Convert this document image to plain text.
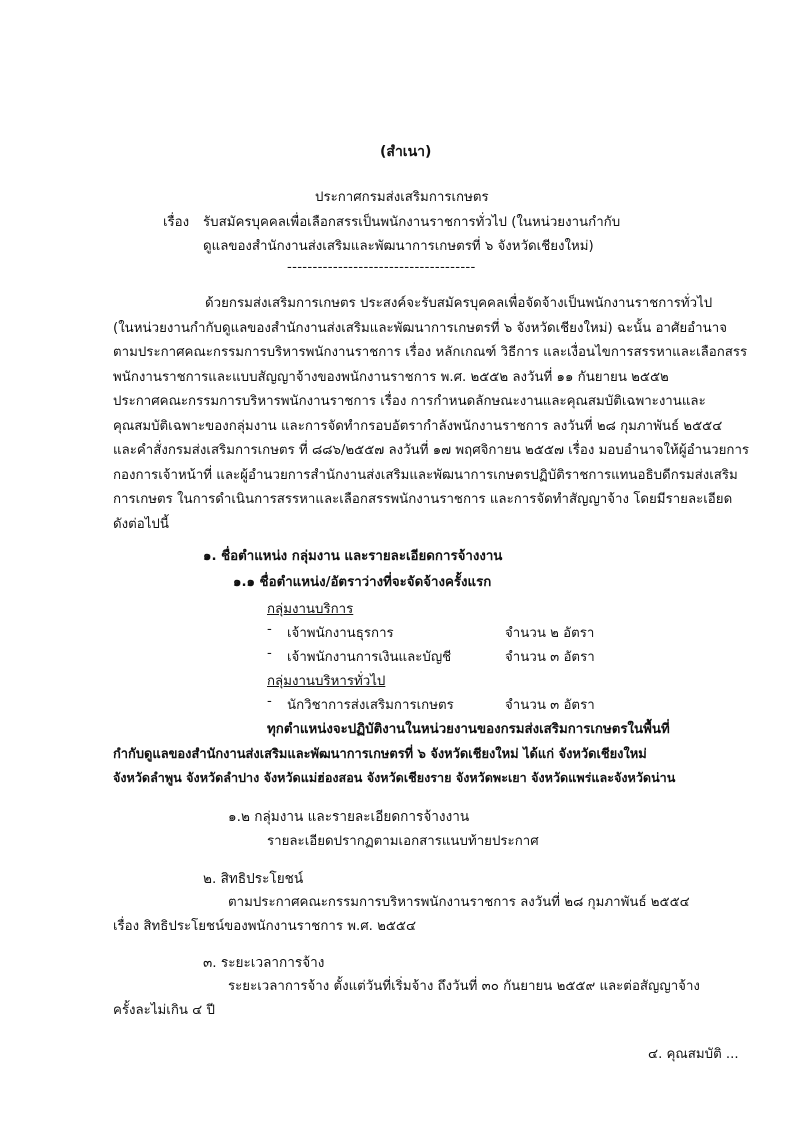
(สำเนา)
ประกาศกรมส่งเสริมการเกษตร
เรื่อง รับสมัครบุคคลเพื่อเลือกสรรเป็นพนักงานราชการทั่วไป (ในหน่วยงานกำกับ
ดูแลของสำนักงานส่งเสริมและพัฒนาการเกษตรที่ ๖ จังหวัดเชียงใหม่)
-------------------------------------

ด้วยกรมส่งเสริมการเกษตร ประสงค์จะรับสมัครบุคคลเพื่อจัดจ้างเป็นพนักงานราชการทั่วไป

(ในหน่วยงานกำกับดูแลของสำนักงานส่งเสริมและพัฒนาการเกษตรที่ ๖ จังหวัดเชียงใหม่) ฉะนั้น อาศัยอำนาจ

ตามประกาศคณะกรรมการบริหารพนักงานราชการ เรื่อง หลักเกณฑ์ วิธีการ และเงื่อนไขการสรรหาและเลือกสรร

พนักงานราชการและแบบสัญญาจ้างของพนักงานราชการ พ.ศ. ๒๕๕๒ ลงวันที่ ๑๑ กันยายน ๒๕๕๒

ประกาศคณะกรรมการบริหารพนักงานราชการ เรื่อง การกำหนดลักษณะงานและคุณสมบัติเฉพาะงานและ

คุณสมบัติเฉพาะของกลุ่มงาน และการจัดทำกรอบอัตรากำลังพนักงานราชการ ลงวันที่ ๒๘ กุมภาพันธ์ ๒๕๕๔

และคำสั่งกรมส่งเสริมการเกษตร ที่ ๘๘๖/๒๕๕๗ ลงวันที่ ๑๗ พฤศจิกายน ๒๕๕๗ เรื่อง มอบอำนาจให้ผู้อำนวยการ

กองการเจ้าหน้าที่ และผู้อำนวยการสำนักงานส่งเสริมและพัฒนาการเกษตรปฏิบัติราชการแทนอธิบดีกรมส่งเสริม

การเกษตร ในการดำเนินการสรรหาและเลือกสรรพนักงานราชการ และการจัดทำสัญญาจ้าง โดยมีรายละเอียด

ดังต่อไปนี้

๑. ชื่อตำแหน่ง กลุ่มงาน และรายละเอียดการจ้างงาน
๑.๑ ชื่อตำแหน่ง/อัตราว่างที่จะจัดจ้างครั้งแรก
กลุ่มงานบริการ
- เจ้าพนักงานธุรการ	จำนวน ๒ อัตรา
- เจ้าพนักงานการเงินและบัญชี	จำนวน ๓ อัตรา
กลุ่มงานบริหารทั่วไป
- นักวิชาการส่งเสริมการเกษตร	จำนวน ๓ อัตรา
ทุกตำแหน่งจะปฏิบัติงานในหน่วยงานของกรมส่งเสริมการเกษตรในพื้นที่
กำกับดูแลของสำนักงานส่งเสริมและพัฒนาการเกษตรที่ ๖ จังหวัดเชียงใหม่ ได้แก่ จังหวัดเชียงใหม่
จังหวัดลำพูน จังหวัดลำปาง จังหวัดแม่ฮ่องสอน จังหวัดเชียงราย จังหวัดพะเยา จังหวัดแพร่และจังหวัดน่าน
๑.๒ กลุ่มงาน และรายละเอียดการจ้างงาน
รายละเอียดปรากฏตามเอกสารแนบท้ายประกาศ
๒. สิทธิประโยชน์
ตามประกาศคณะกรรมการบริหารพนักงานราชการ ลงวันที่ ๒๘ กุมภาพันธ์ ๒๕๕๔
เรื่อง สิทธิประโยชน์ของพนักงานราชการ พ.ศ. ๒๕๕๔
๓. ระยะเวลาการจ้าง
ระยะเวลาการจ้าง ตั้งแต่วันที่เริ่มจ้าง ถึงวันที่ ๓๐ กันยายน ๒๕๕๙ และต่อสัญญาจ้าง
ครั้งละไม่เกิน ๔ ปี
๔. คุณสมบัติ ...
